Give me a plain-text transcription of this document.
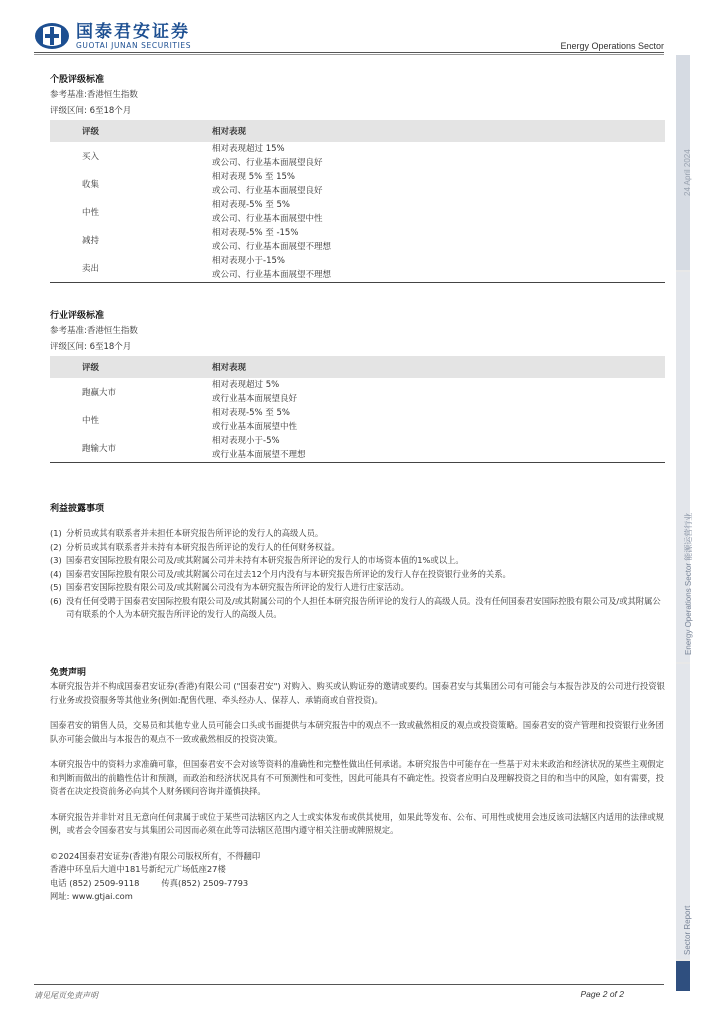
国泰君安证券
GUOTAI JUNAN SECURITIES	Energy Operations Sector
24 April 2024
Energy Operations Sector 能源运营行业
Sector Report
个股评级标准
参考基准:香港恒生指数
评级区间: 6至18个月
评级	相对表现
买入	相对表现超过 15%
或公司、行业基本面展望良好

收集	相对表现 5% 至 15%
或公司、行业基本面展望良好

中性	相对表现-5% 至 5%
或公司、行业基本面展望中性

减持	相对表现-5% 至 -15%
或公司、行业基本面展望不理想

卖出	相对表现小于-15%
或公司、行业基本面展望不理想
行业评级标准
参考基准:香港恒生指数
评级区间: 6至18个月
评级	相对表现
跑赢大市	相对表现超过 5%
或行业基本面展望良好

中性	相对表现-5% 至 5%
或行业基本面展望中性

跑输大市	相对表现小于-5%
或行业基本面展望不理想
利益披露事项
(1) 分析员或其有联系者并未担任本研究报告所评论的发行人的高级人员。
(2) 分析员或其有联系者并未持有本研究报告所评论的发行人的任何财务权益。
(3) 国泰君安国际控股有限公司及/或其附属公司并未持有本研究报告所评论的发行人的市场资本值的1%或以上。
(4) 国泰君安国际控股有限公司及/或其附属公司在过去12个月内没有与本研究报告所评论的发行人存在投资银行业务的关系。
(5) 国泰君安国际控股有限公司及/或其附属公司没有为本研究报告所评论的发行人进行庄家活动。
(6) 没有任何受聘于国泰君安国际控股有限公司及/或其附属公司的个人担任本研究报告所评论的发行人的高级人员。没有任何国泰君安国际控股有限公司及/或其附属公司有联系的个人为本研究报告所评论的发行人的高级人员。
免责声明
本研究报告并不构成国泰君安证券(香港)有限公司 ("国泰君安") 对购入、购买或认购证券的邀请或要约。国泰君安与其集团公司有可能会与本报告涉及的公司进行投资银行业务或投资服务等其他业务(例如:配售代理、牵头经办人、保荐人、承销商或自营投资)。
国泰君安的销售人员，交易员和其他专业人员可能会口头或书面提供与本研究报告中的观点不一致或截然相反的观点或投资策略。国泰君安的资产管理和投资银行业务团队亦可能会做出与本报告的观点不一致或截然相反的投资决策。
本研究报告中的资料力求准确可靠，但国泰君安不会对该等资料的准确性和完整性做出任何承诺。本研究报告中可能存在一些基于对未来政治和经济状况的某些主观假定和判断而做出的前瞻性估计和预测，而政治和经济状况具有不可预测性和可变性，因此可能具有不确定性。投资者应明白及理解投资之目的和当中的风险，如有需要，投资者在决定投资前务必向其个人财务顾问咨询并谨慎抉择。
本研究报告并非针对且无意向任何隶属于或位于某些司法辖区内之人士或实体发布或供其使用，如果此等发布、公布、可用性或使用会违反该司法辖区内适用的法律或规例，或者会令国泰君安与其集团公司因而必须在此等司法辖区范围内遵守相关注册或牌照规定。
©2024国泰君安证券(香港)有限公司版权所有，不得翻印
香港中环皇后大道中181号新纪元广场低座27楼
电话 (852) 2509-9118	传真(852) 2509-7793
网址: www.gtjai.com
请见尾页免责声明	Page 2 of 2
